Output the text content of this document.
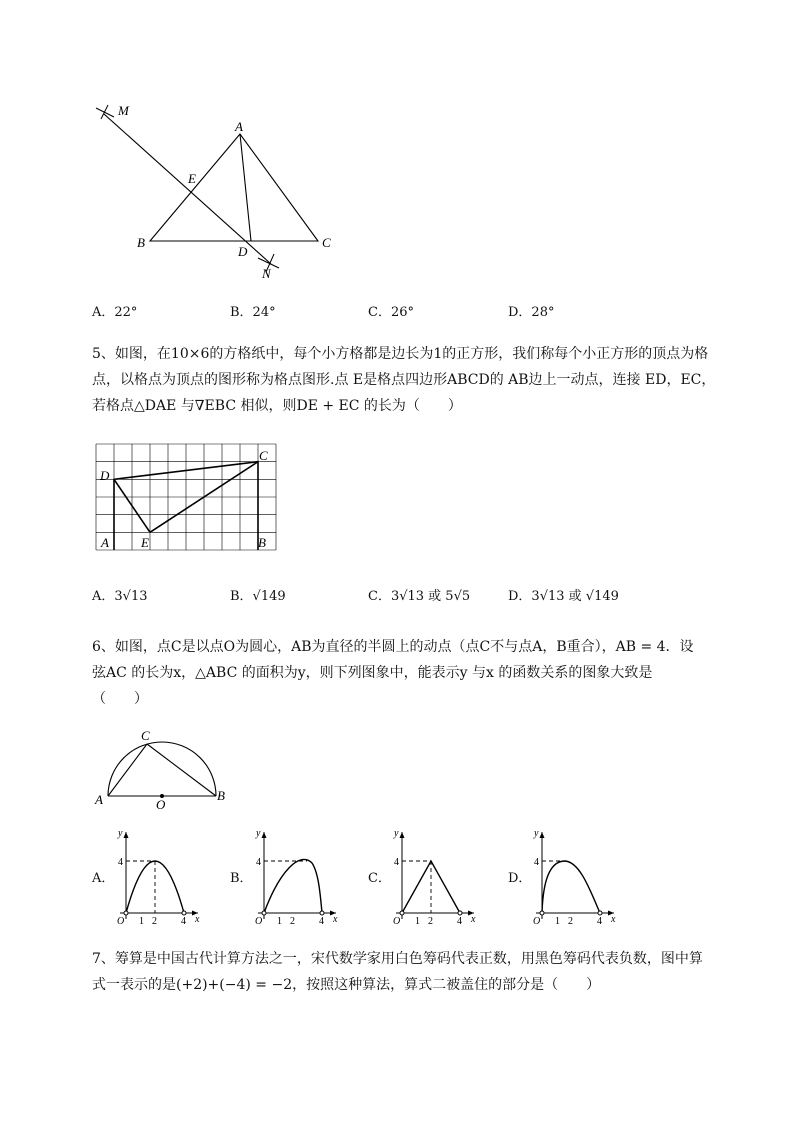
M
A
E
B
D
C
N
A．22°	B．24°	C．26°	D．28°
5、如图，在10×6的方格纸中，每个小方格都是边长为1的正方形，我们称每个小正方形的顶点为格
点，以格点为顶点的图形称为格点图形.点 E是格点四边形ABCD的 AB边上一动点，连接 ED，EC，
若格点△DAE 与∇EBC 相似，则DE + EC 的长为（　　）
D
C
A E	B
A．3√13	B．√149	C．3√13 或 5√5	D．3√13 或 √149
6、如图，点C是以点O为圆心，AB为直径的半圆上的动点（点C不与点A，B重合），AB = 4．设
弦AC 的长为x，△ABC 的面积为y，则下列图象中，能表示y 与x 的函数关系的图象大致是
（　　）
C
A	O
B
A．
y
x
4
O 1 2 4
B．
y
x
4
O 1 2 4
C．
y
x
4
O 1 2 4
D．
y
x
4
O 1 2 4
7、筹算是中国古代计算方法之一，宋代数学家用白色筹码代表正数，用黑色筹码代表负数，图中算
式一表示的是(+2)+(−4) = −2，按照这种算法，算式二被盖住的部分是（　　）
